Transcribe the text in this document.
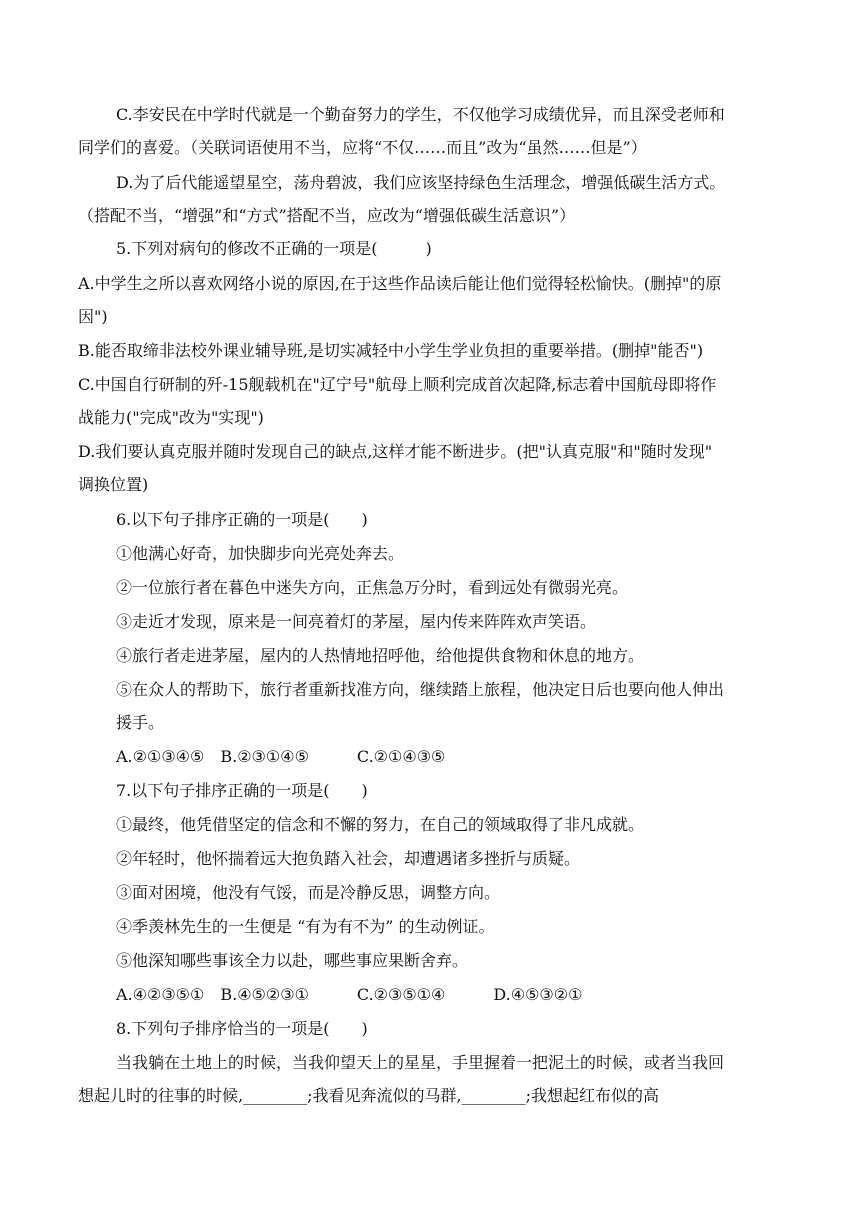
C.李安民在中学时代就是一个勤奋努力的学生，不仅他学习成绩优异，而且深受老师和
同学们的喜爱。（关联词语使用不当，应将“不仅……而且”改为“虽然……但是”）
D.为了后代能遥望星空，荡舟碧波，我们应该坚持绿色生活理念，增强低碳生活方式。
（搭配不当，“增强”和“方式”搭配不当，应改为“增强低碳生活意识”）
5.下列对病句的修改不正确的一项是(　　　)
A.中学生之所以喜欢网络小说的原因,在于这些作品读后能让他们觉得轻松愉快。(删掉"的原
因")
B.能否取缔非法校外课业辅导班,是切实减轻中小学生学业负担的重要举措。(删掉"能否")
C.中国自行研制的歼-15舰载机在"辽宁号"航母上顺利完成首次起降,标志着中国航母即将作
战能力("完成"改为"实现")
D.我们要认真克服并随时发现自己的缺点,这样才能不断进步。(把"认真克服"和"随时发现"
调换位置)
6.以下句子排序正确的一项是(　　)
①他满心好奇，加快脚步向光亮处奔去。
②一位旅行者在暮色中迷失方向，正焦急万分时，看到远处有微弱光亮。
③走近才发现，原来是一间亮着灯的茅屋，屋内传来阵阵欢声笑语。
④旅行者走进茅屋，屋内的人热情地招呼他，给他提供食物和休息的地方。
⑤在众人的帮助下，旅行者重新找准方向，继续踏上旅程，他决定日后也要向他人伸出
援手。
A.②①③④⑤　B.②③①④⑤　　　C.②①④③⑤
7.以下句子排序正确的一项是(　　)
①最终，他凭借坚定的信念和不懈的努力，在自己的领域取得了非凡成就。
②年轻时，他怀揣着远大抱负踏入社会，却遭遇诸多挫折与质疑。
③面对困境，他没有气馁，而是冷静反思，调整方向。
④季羡林先生的一生便是 “有为有不为” 的生动例证。
⑤他深知哪些事该全力以赴，哪些事应果断舍弃。
A.④②③⑤①　B.④⑤②③①　　　C.②③⑤①④　　　D.④⑤③②①
8.下列句子排序恰当的一项是(　　)
当我躺在土地上的时候，当我仰望天上的星星，手里握着一把泥土的时候，或者当我回
想起儿时的往事的时候,________;我看见奔流似的马群,________;我想起红布似的高
